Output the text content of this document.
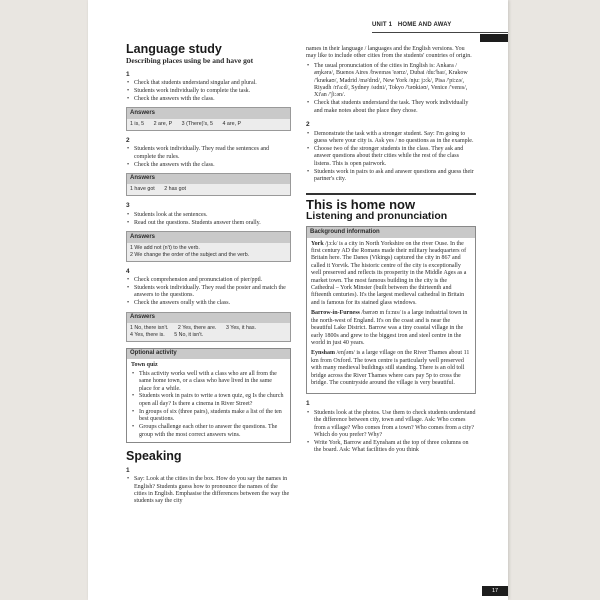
UNIT 1 HOME AND AWAY
Language study
Describing places using be and have got
1
• Check that students understand singular and plural.
• Students work individually to complete the task.
• Check the answers with the class.
Answers
1 is, 5 2 are, P 3 (There)'s, 5 4 are, P
2
• Students work individually. They read the sentences and complete the rules.
• Check the answers with the class.
Answers
1 have got 2 has got
3
• Students look at the sentences.
• Read out the questions. Students answer them orally.
Answers
1 We add not (n't) to the verb.
2 We change the order of the subject and the verb.
4
• Check comprehension and pronunciation of pier/pptl.
• Students work individually. They read the poster and match the answers to the questions.
• Check the answers orally with the class.
Answers
1 No, there isn't. 2 Yes, there are. 3 Yes, it has.
4 Yes, there is. 5 No, it isn't.
Optional activity
Town quiz
• This activity works well with a class who are all from the same home town, or a class who have lived in the same place for a while.
• Students work in pairs to write a town quiz, eg Is the church open all day? Is there a cinema in River Street?
• In groups of six (three pairs), students make a list of the ten best questions.
• Groups challenge each other to answer the questions. The group with the most correct answers wins.
Speaking
1
• Say: Look at the cities in the box. How do you say the names in English? Students guess how to pronounce the names of the cities in English. Emphasise the differences between the way the students say the city

names in their language / languages and the English versions. You may like to include other cities from the students' countries of origin.

• The usual pronunciation of the cities in English is: Ankara /æŋkərə/, Buenos Aires /bweɪnəs 'eərɪz/, Dubai /du:'baɪ/, Krakow /'krækaʊ/, Madrid /mə'drɪd/, New York /nju: jɔ:k/, Pisa /'pi:zə/, Riyadh /ri'a:d/, Sydney /sɪdni/, Tokyo /'təʊkiəʊ/, Venice /'venɪs/, Xi'an /'ʃi:ən/.
• Check that students understand the task. They work individually and make notes about the place they chose.
2
• Demonstrate the task with a stronger student. Say: I'm going to guess where your city is. Ask yes / no questions as in the example.
• Choose two of the stronger students in the class. They ask and answer questions about their cities while the rest of the class listens. This is open pairwork.
• Students work in pairs to ask and answer questions and guess their partner's city.
This is home now
Listening and pronunciation
Background information

York /jɔ:k/ is a city in North Yorkshire on the river Ouse. In the first century AD the Romans made their military headquarters of Britain here. The Danes (Vikings) captured the city in 867 and called it Yorvik. The historic centre of the city is exceptionally well preserved and reflects its prosperity in the Middle Ages as a market town. The most famous building in the city is the Cathedral – York Minster (built between the thirteenth and fifteenth centuries). It's the largest medieval cathedral in Britain and is famous for its stained glass windows.

Barrow-in-Furness /bærəʊ ɪn fɜ:nɪs/ is a large industrial town in the north-west of England. It's on the coast and is near the beautiful Lake District. Barrow was a tiny coastal village in the early 1800s and grew to the biggest iron and steel centre in the world in just 40 years.

Eynsham /enʃəm/ is a large village on the River Thames about 11 km from Oxford. The town centre is particularly well preserved with many medieval buildings still standing. There is an old toll bridge across the River Thames where cars pay 5p to cross the bridge. The countryside around the village is very beautiful.

1
• Students look at the photos. Use them to check students understand the difference between city, town and village. Ask: Who comes from a village? Who comes from a town? Who comes from a city? Which do you prefer? Why?
• Write York, Barrow and Eynsham at the top of three columns on the board. Ask: What facilities do you think
17
